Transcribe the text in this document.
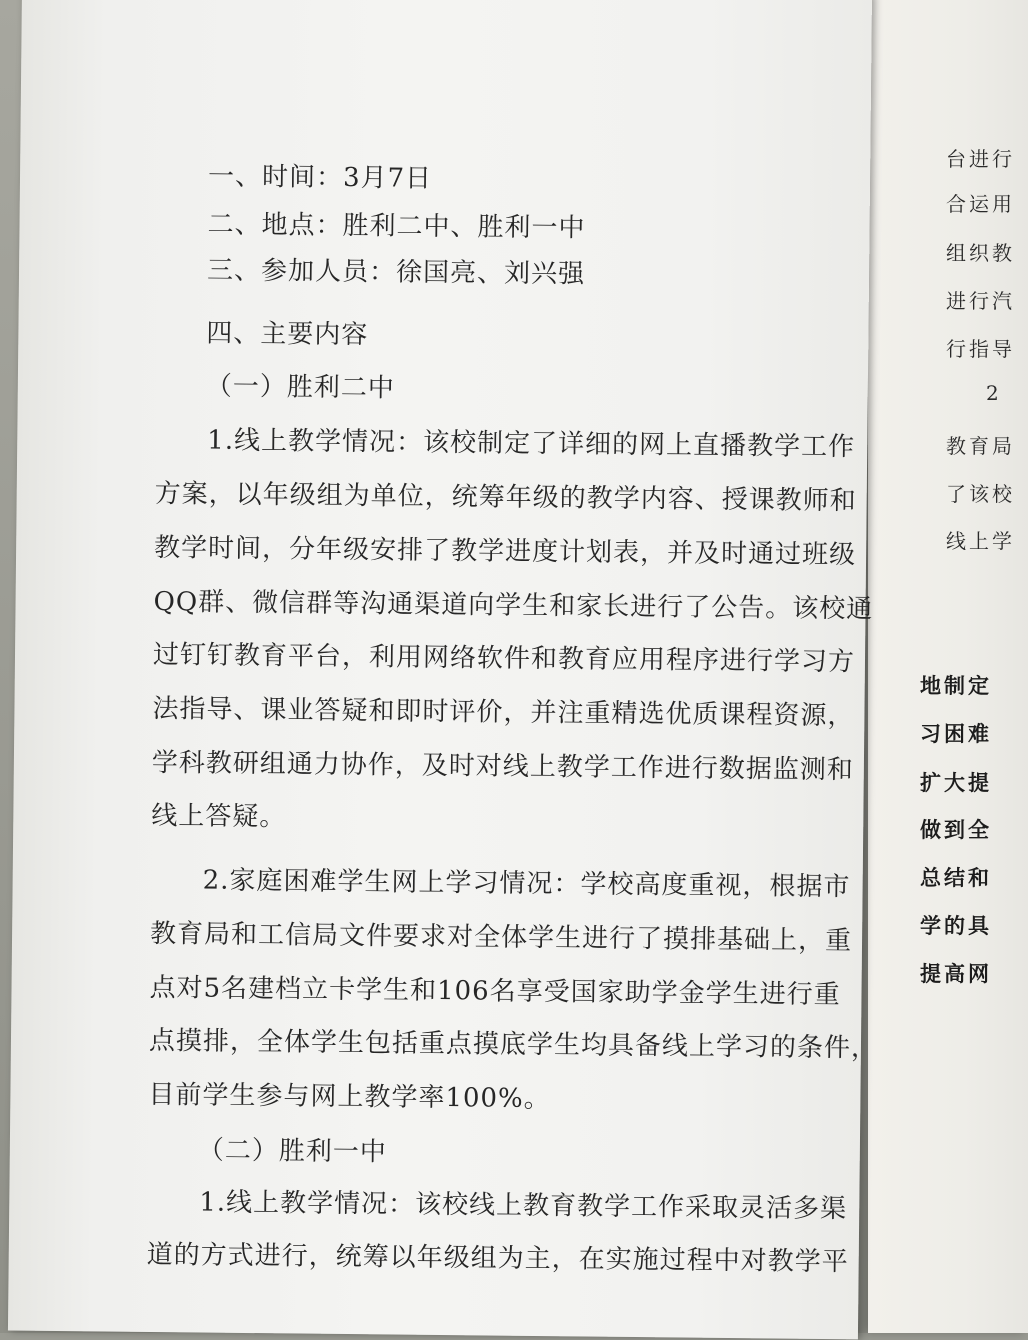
台进行
合运用
组织教
进行汽
行指导
2
教育局
了该校
线上学
地制定
习困难
扩大提
做到全
总结和
学的具
提高网
一、时间：3月7日
二、地点：胜利二中、胜利一中
三、参加人员：徐国亮、刘兴强
四、主要内容
（一）胜利二中
1.线上教学情况：该校制定了详细的网上直播教学工作
方案，以年级组为单位，统筹年级的教学内容、授课教师和
教学时间，分年级安排了教学进度计划表，并及时通过班级
QQ群、微信群等沟通渠道向学生和家长进行了公告。该校通
过钉钉教育平台，利用网络软件和教育应用程序进行学习方
法指导、课业答疑和即时评价，并注重精选优质课程资源，
学科教研组通力协作，及时对线上教学工作进行数据监测和
线上答疑。
2.家庭困难学生网上学习情况：学校高度重视，根据市
教育局和工信局文件要求对全体学生进行了摸排基础上，重
点对5名建档立卡学生和106名享受国家助学金学生进行重
点摸排，全体学生包括重点摸底学生均具备线上学习的条件，
目前学生参与网上教学率100%。
（二）胜利一中
1.线上教学情况：该校线上教育教学工作采取灵活多渠
道的方式进行，统筹以年级组为主，在实施过程中对教学平
